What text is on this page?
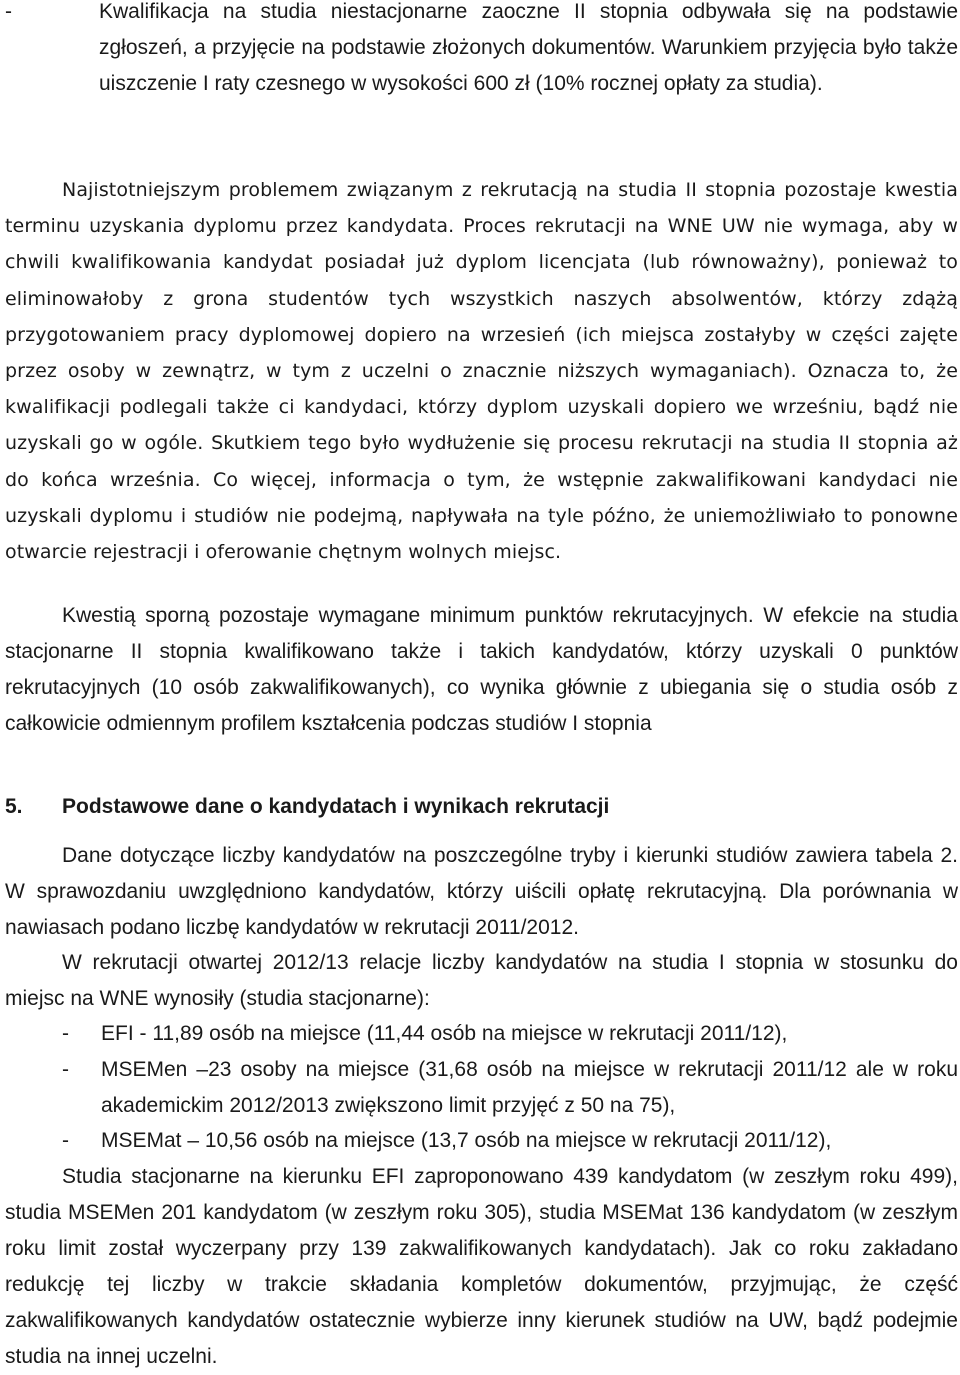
-	Kwalifikacja na studia niestacjonarne zaoczne II stopnia odbywała się na podstawie zgłoszeń, a przyjęcie na podstawie złożonych dokumentów. Warunkiem przyjęcia było także uiszczenie I raty czesnego w wysokości 600 zł (10% rocznej opłaty za studia).

Najistotniejszym problemem związanym z rekrutacją na studia II stopnia pozostaje kwestia terminu uzyskania dyplomu przez kandydata. Proces rekrutacji na WNE UW nie wymaga, aby w chwili kwalifikowania kandydat posiadał już dyplom licencjata (lub równoważny), ponieważ to eliminowałoby z grona studentów tych wszystkich naszych absolwentów, którzy zdążą przygotowaniem pracy dyplomowej dopiero na wrzesień (ich miejsca zostałyby w części zajęte przez osoby w zewnątrz, w tym z uczelni o znacznie niższych wymaganiach). Oznacza to, że kwalifikacji podlegali także ci kandydaci, którzy dyplom uzyskali dopiero we wrześniu, bądź nie uzyskali go w ogóle. Skutkiem tego było wydłużenie się procesu rekrutacji na studia II stopnia aż do końca września. Co więcej, informacja o tym, że wstępnie zakwalifikowani kandydaci nie uzyskali dyplomu i studiów nie podejmą, napływała na tyle późno, że uniemożliwiało to ponowne otwarcie rejestracji i oferowanie chętnym wolnych miejsc.

Kwestią sporną pozostaje wymagane minimum punktów rekrutacyjnych. W efekcie na studia stacjonarne II stopnia kwalifikowano także i takich kandydatów, którzy uzyskali 0 punktów rekrutacyjnych (10 osób zakwalifikowanych), co wynika głównie z ubiegania się o studia osób z całkowicie odmiennym profilem kształcenia podczas studiów I stopnia

5. Podstawowe dane o kandydatach i wynikach rekrutacji

Dane dotyczące liczby kandydatów na poszczególne tryby i kierunki studiów zawiera tabela 2. W sprawozdaniu uwzględniono kandydatów, którzy uiścili opłatę rekrutacyjną. Dla porównania w nawiasach podano liczbę kandydatów w rekrutacji 2011/2012.

W rekrutacji otwartej 2012/13 relacje liczby kandydatów na studia I stopnia w stosunku do miejsc na WNE wynosiły (studia stacjonarne):

- EFI - 11,89 osób na miejsce (11,44 osób na miejsce w rekrutacji 2011/12),
- MSEMen –23 osoby na miejsce (31,68 osób na miejsce w rekrutacji 2011/12 ale w roku akademickim 2012/2013 zwiększono limit przyjęć z 50 na 75),
- MSEMat – 10,56 osób na miejsce (13,7 osób na miejsce w rekrutacji 2011/12),

Studia stacjonarne na kierunku EFI zaproponowano 439 kandydatom (w zeszłym roku 499), studia MSEMen 201 kandydatom (w zeszłym roku 305), studia MSEMat 136 kandydatom (w zeszłym roku limit został wyczerpany przy 139 zakwalifikowanych kandydatach). Jak co roku zakładano redukcję tej liczby w trakcie składania kompletów dokumentów, przyjmując, że część zakwalifikowanych kandydatów ostatecznie wybierze inny kierunek studiów na UW, bądź podejmie studia na innej uczelni.
